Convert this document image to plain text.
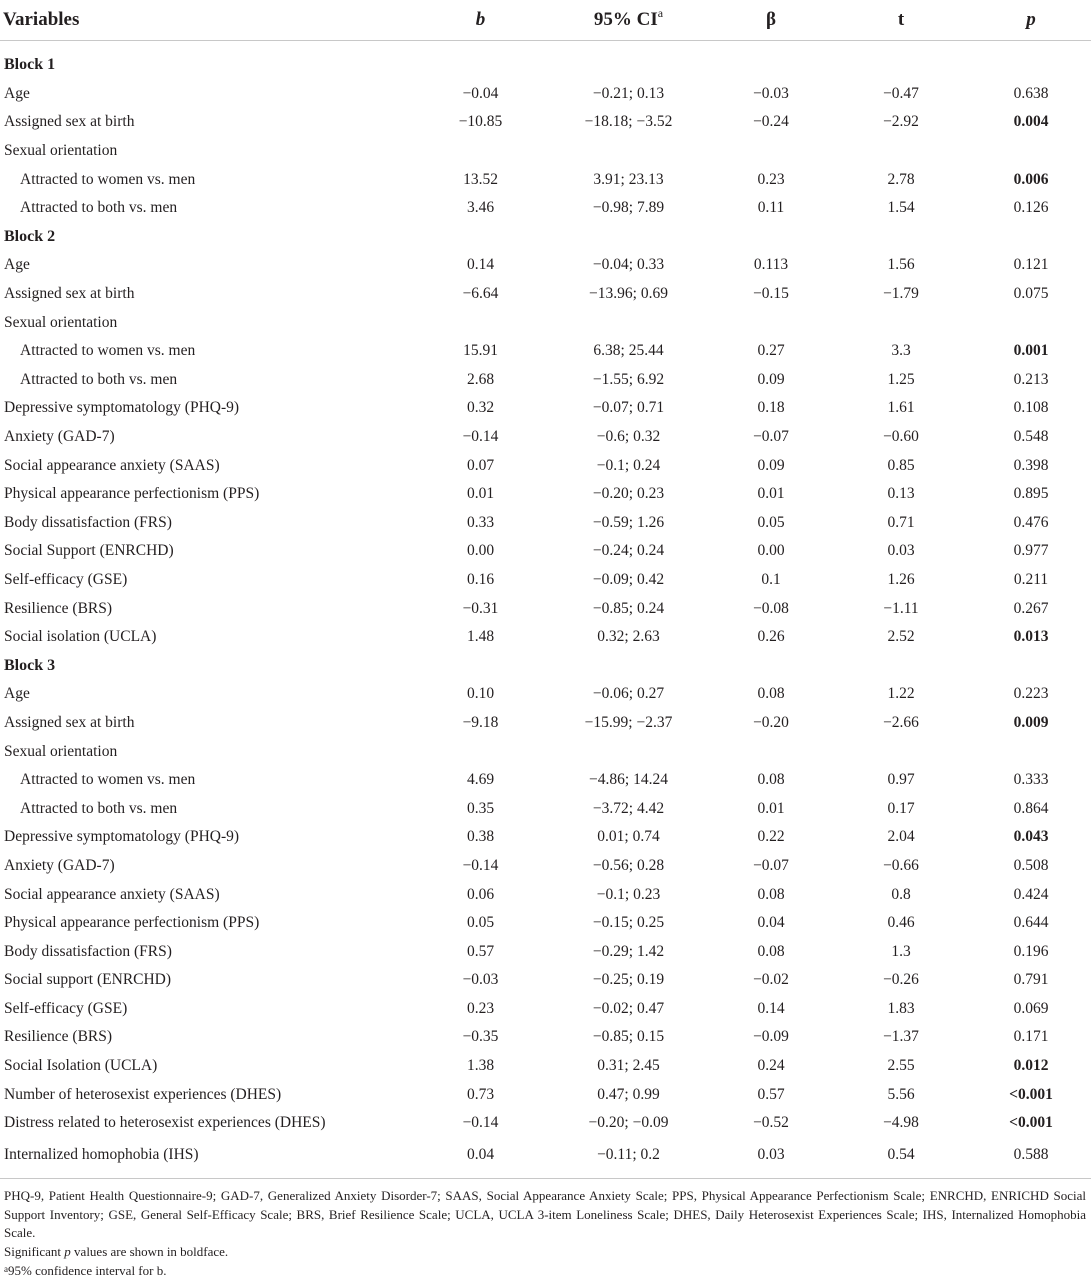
Variables	b	95% $CI^a$	β	t	p

Block 1					
Age	−0.04	−0.21; 0.13	−0.03	−0.47	0.638
Assigned sex at birth	−10.85	−18.18; −3.52	−0.24	−2.92	0.004
Sexual orientation					
Attracted to women vs. men	13.52	3.91; 23.13	0.23	2.78	0.006
Attracted to both vs. men	3.46	−0.98; 7.89	0.11	1.54	0.126
Block 2					
Age	0.14	−0.04; 0.33	0.113	1.56	0.121
Assigned sex at birth	−6.64	−13.96; 0.69	−0.15	−1.79	0.075
Sexual orientation					
Attracted to women vs. men	15.91	6.38; 25.44	0.27	3.3	0.001
Attracted to both vs. men	2.68	−1.55; 6.92	0.09	1.25	0.213
Depressive symptomatology (PHQ-9)	0.32	−0.07; 0.71	0.18	1.61	0.108
Anxiety (GAD-7)	−0.14	−0.6; 0.32	−0.07	−0.60	0.548
Social appearance anxiety (SAAS)	0.07	−0.1; 0.24	0.09	0.85	0.398
Physical appearance perfectionism (PPS)	0.01	−0.20; 0.23	0.01	0.13	0.895
Body dissatisfaction (FRS)	0.33	−0.59; 1.26	0.05	0.71	0.476
Social Support (ENRCHD)	0.00	−0.24; 0.24	0.00	0.03	0.977
Self-efficacy (GSE)	0.16	−0.09; 0.42	0.1	1.26	0.211
Resilience (BRS)	−0.31	−0.85; 0.24	−0.08	−1.11	0.267
Social isolation (UCLA)	1.48	0.32; 2.63	0.26	2.52	0.013
Block 3					
Age	0.10	−0.06; 0.27	0.08	1.22	0.223
Assigned sex at birth	−9.18	−15.99; −2.37	−0.20	−2.66	0.009
Sexual orientation					
Attracted to women vs. men	4.69	−4.86; 14.24	0.08	0.97	0.333
Attracted to both vs. men	0.35	−3.72; 4.42	0.01	0.17	0.864
Depressive symptomatology (PHQ-9)	0.38	0.01; 0.74	0.22	2.04	0.043
Anxiety (GAD-7)	−0.14	−0.56; 0.28	−0.07	−0.66	0.508
Social appearance anxiety (SAAS)	0.06	−0.1; 0.23	0.08	0.8	0.424
Physical appearance perfectionism (PPS)	0.05	−0.15; 0.25	0.04	0.46	0.644
Body dissatisfaction (FRS)	0.57	−0.29; 1.42	0.08	1.3	0.196
Social support (ENRCHD)	−0.03	−0.25; 0.19	−0.02	−0.26	0.791
Self-efficacy (GSE)	0.23	−0.02; 0.47	0.14	1.83	0.069
Resilience (BRS)	−0.35	−0.85; 0.15	−0.09	−1.37	0.171
Social Isolation (UCLA)	1.38	0.31; 2.45	0.24	2.55	0.012
Number of heterosexist experiences (DHES)	0.73	0.47; 0.99	0.57	5.56	<0.001
Distress related to heterosexist experiences (DHES)	−0.14	−0.20; −0.09	−0.52	−4.98	<0.001
Internalized homophobia (IHS)	0.04	−0.11; 0.2	0.03	0.54	0.588

PHQ-9, Patient Health Questionnaire-9; GAD-7, Generalized Anxiety Disorder-7; SAAS, Social Appearance Anxiety Scale; PPS, Physical Appearance Perfectionism Scale; ENRCHD, ENRICHD Social Support Inventory; GSE, General Self-Efficacy Scale; BRS, Brief Resilience Scale; UCLA, UCLA 3-item Loneliness Scale; DHES, Daily Heterosexist Experiences Scale; IHS, Internalized Homophobia Scale.

Significant p values are shown in boldface.

$^a$95% confidence interval for b.
